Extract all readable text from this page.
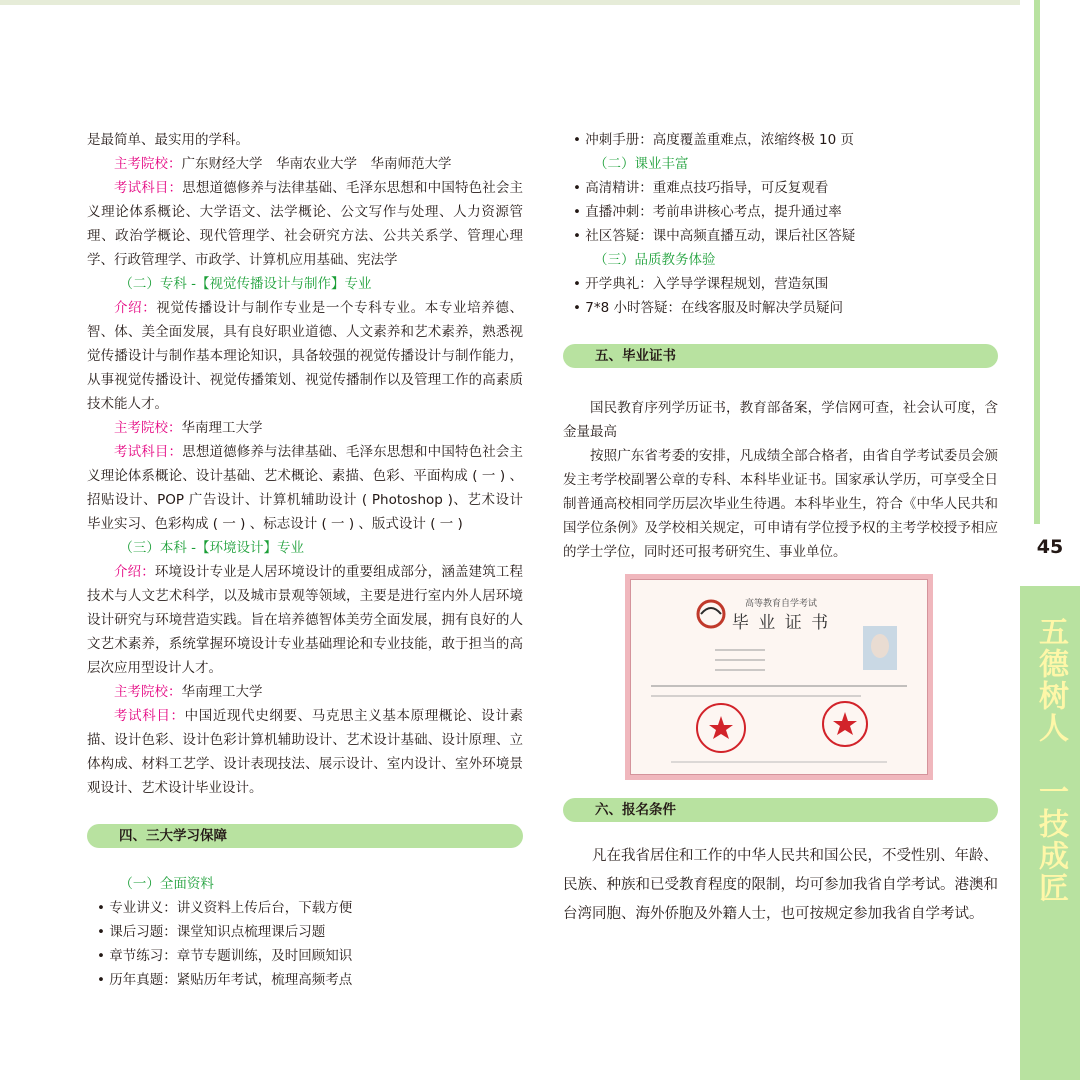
是最简单、最实用的学科。

主考院校：广东财经大学　华南农业大学　华南师范大学

考试科目：思想道德修养与法律基础、毛泽东思想和中国特色社会主义理论体系概论、大学语文、法学概论、公文写作与处理、人力资源管理、政治学概论、现代管理学、社会研究方法、公共关系学、管理心理学、行政管理学、市政学、计算机应用基础、宪法学

（二）专科 -【视觉传播设计与制作】专业

介绍：视觉传播设计与制作专业是一个专科专业。本专业培养德、智、体、美全面发展，具有良好职业道德、人文素养和艺术素养，熟悉视觉传播设计与制作基本理论知识，具备较强的视觉传播设计与制作能力，从事视觉传播设计、视觉传播策划、视觉传播制作以及管理工作的高素质技术能人才。

主考院校：华南理工大学

考试科目：思想道德修养与法律基础、毛泽东思想和中国特色社会主义理论体系概论、设计基础、艺术概论、素描、色彩、平面构成 ( 一 ) 、招贴设计、POP 广告设计、计算机辅助设计 ( Photoshop )、艺术设计毕业实习、色彩构成 ( 一 ) 、标志设计 ( 一 ) 、版式设计 ( 一 )

（三）本科 -【环境设计】专业

介绍：环境设计专业是人居环境设计的重要组成部分，涵盖建筑工程技术与人文艺术科学，以及城市景观等领域，主要是进行室内外人居环境设计研究与环境营造实践。旨在培养德智体美劳全面发展，拥有良好的人文艺术素养，系统掌握环境设计专业基础理论和专业技能，敢于担当的高层次应用型设计人才。

主考院校：华南理工大学

考试科目：中国近现代史纲要、马克思主义基本原理概论、设计素描、设计色彩、设计色彩计算机辅助设计、艺术设计基础、设计原理、立体构成、材料工艺学、设计表现技法、展示设计、室内设计、室外环境景观设计、艺术设计毕业设计。

四、三大学习保障

（一）全面资料

• 专业讲义：讲义资料上传后台，下载方便

• 课后习题：课堂知识点梳理课后习题

• 章节练习：章节专题训练，及时回顾知识

• 历年真题：紧贴历年考试，梳理高频考点

• 冲刺手册：高度覆盖重难点，浓缩终极 10 页

（二）课业丰富

• 高清精讲：重难点技巧指导，可反复观看

• 直播冲刺：考前串讲核心考点，提升通过率

• 社区答疑：课中高频直播互动，课后社区答疑

（三）品质教务体验

• 开学典礼：入学导学课程规划，营造氛围

• 7*8 小时答疑：在线客服及时解决学员疑问

五、毕业证书

国民教育序列学历证书，教育部备案，学信网可查，社会认可度，含金量最高

按照广东省考委的安排，凡成绩全部合格者，由省自学考试委员会颁发主考学校副署公章的专科、本科毕业证书。国家承认学历，可享受全日制普通高校相同学历层次毕业生待遇。本科毕业生，符合《中华人民共和国学位条例》及学校相关规定，可申请有学位授予权的主考学校授予相应的学士学位，同时还可报考研究生、事业单位。

高等教育自学考试
毕 业 证 书

六、报名条件

凡在我省居住和工作的中华人民共和国公民，不受性别、年龄、民族、种族和已受教育程度的限制，均可参加我省自学考试。港澳和台湾同胞、海外侨胞及外籍人士，也可按规定参加我省自学考试。

45
五德树人　一技成匠
